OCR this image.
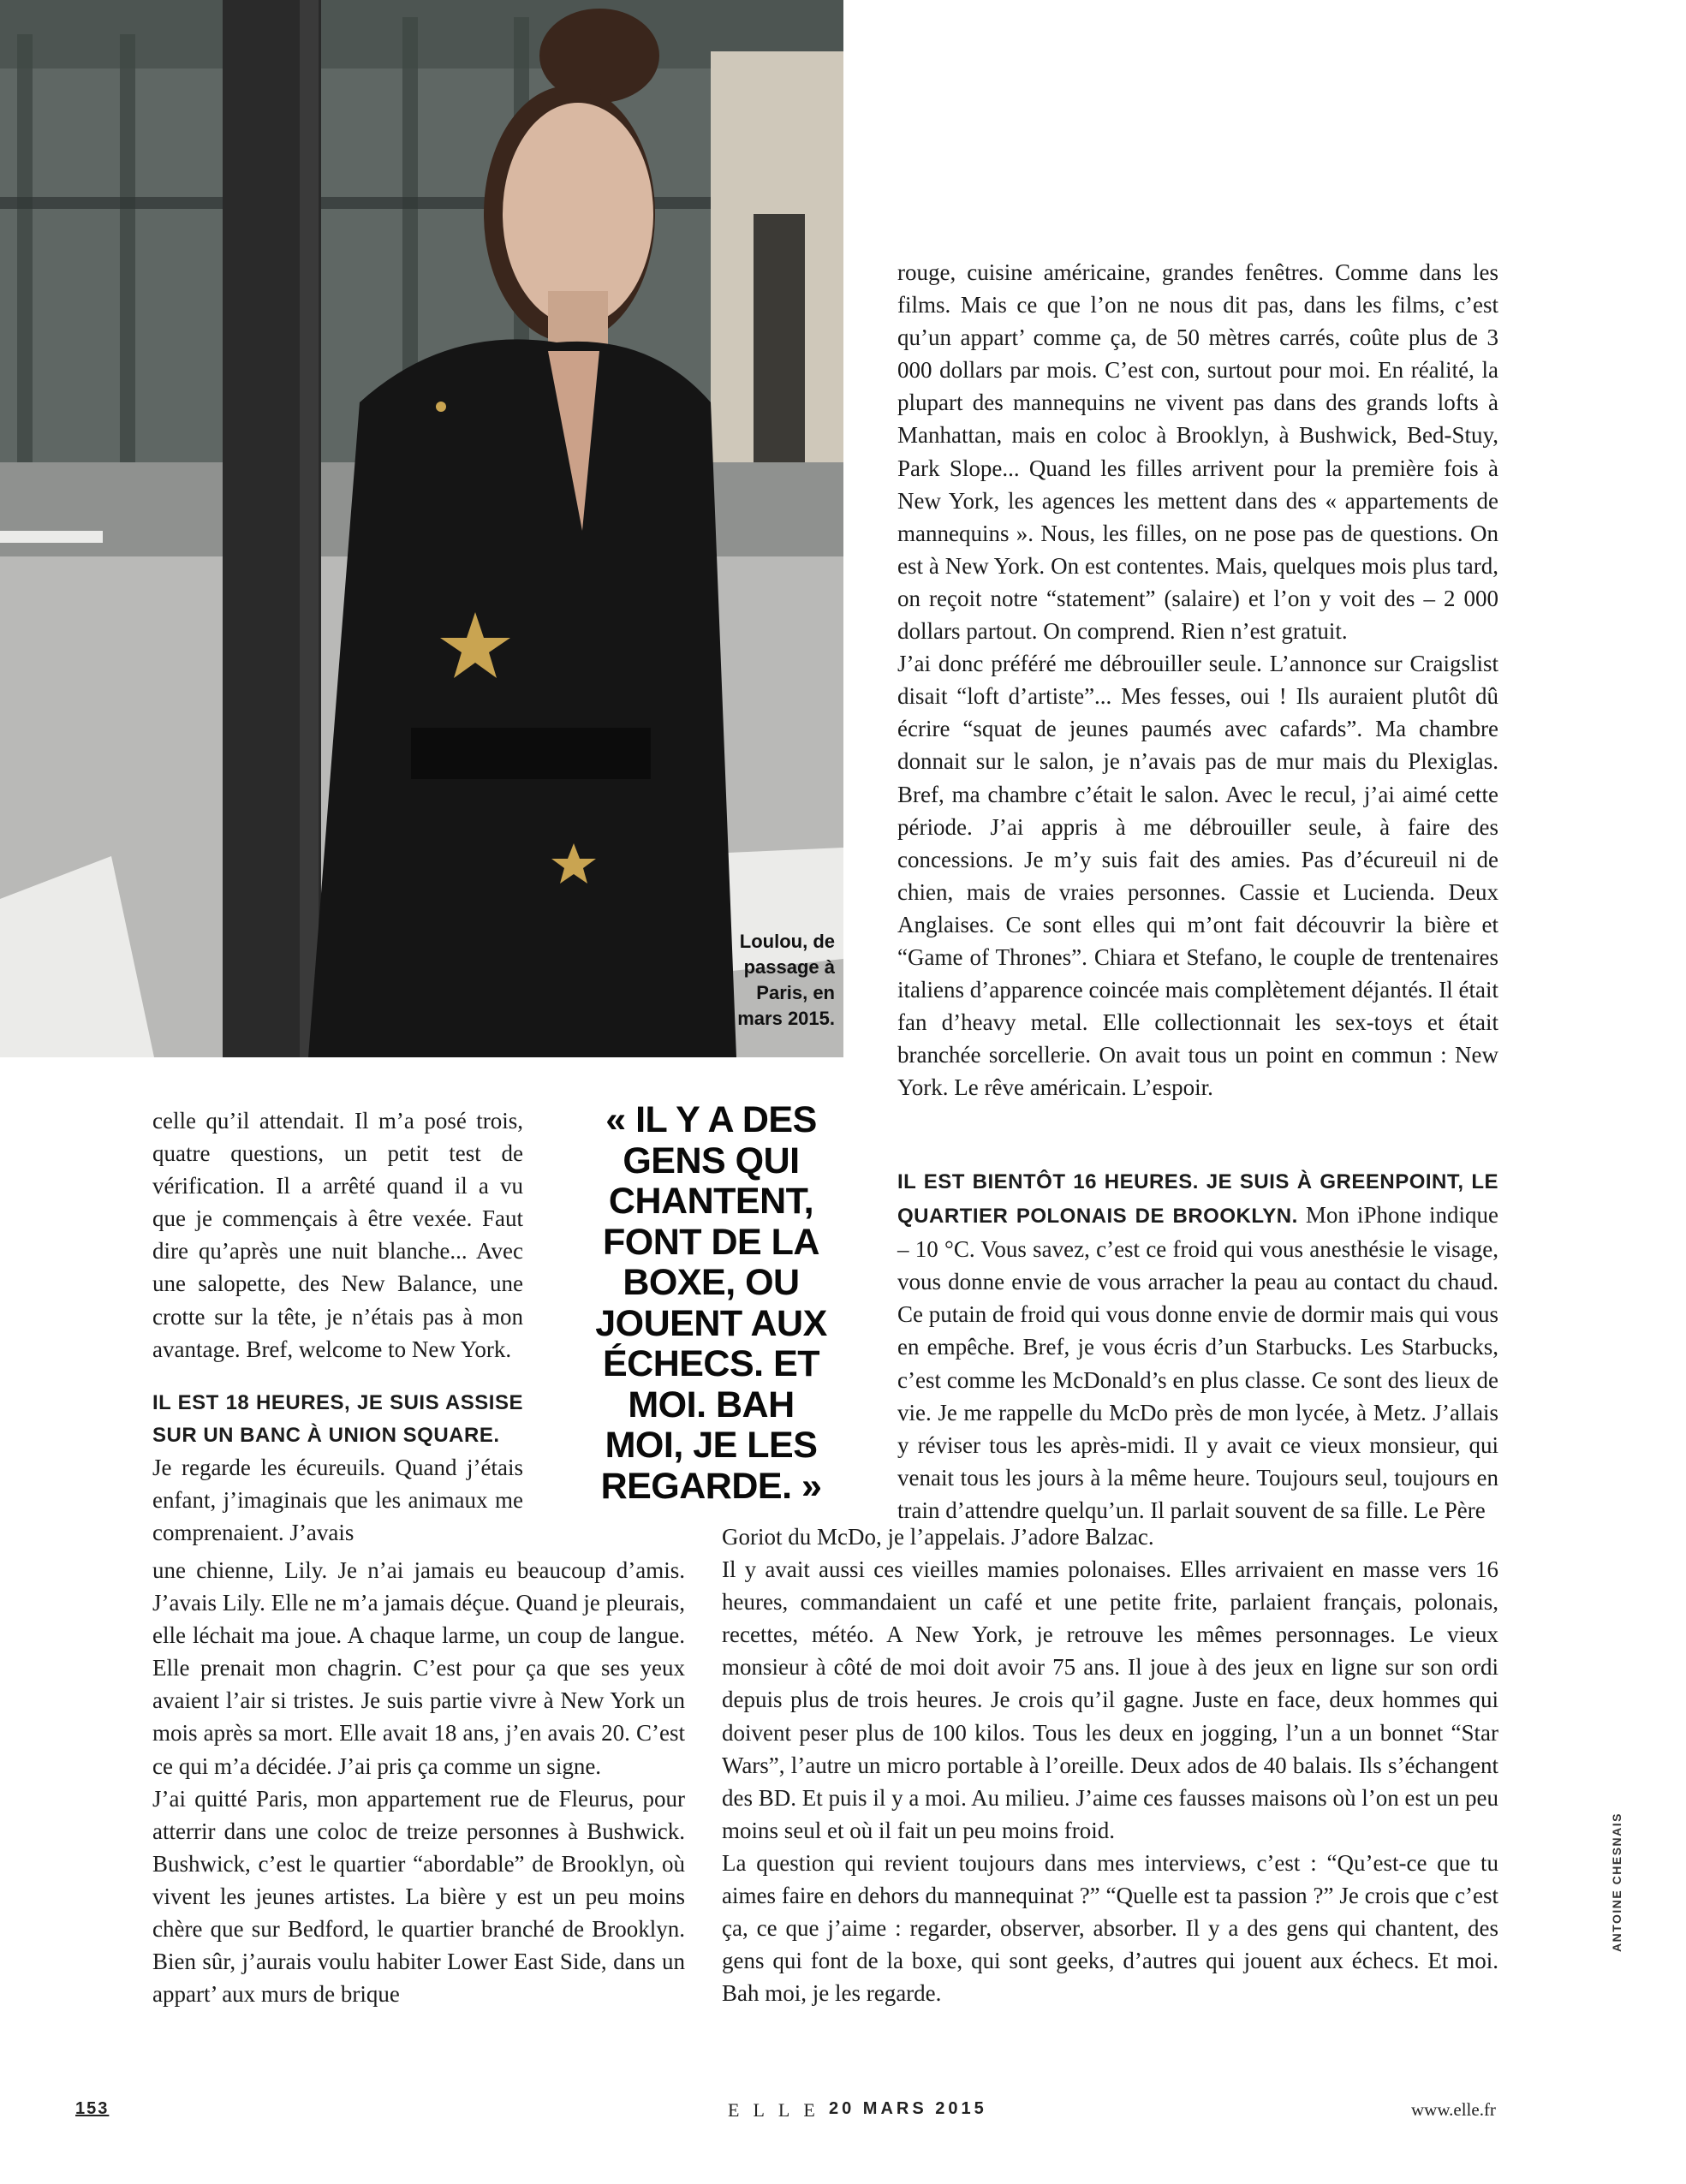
Loulou, de passage à Paris, en mars 2015.

rouge, cuisine américaine, grandes fenêtres. Comme dans les films. Mais ce que l’on ne nous dit pas, dans les films, c’est qu’un appart’ comme ça, de 50 mètres carrés, coûte plus de 3 000 dollars par mois. C’est con, surtout pour moi. En réalité, la plupart des mannequins ne vivent pas dans des grands lofts à Manhattan, mais en coloc à Brooklyn, à Bushwick, Bed-Stuy, Park Slope... Quand les filles arrivent pour la première fois à New York, les agences les mettent dans des « appartements de mannequins ». Nous, les filles, on ne pose pas de questions. On est à New York. On est contentes. Mais, quelques mois plus tard, on reçoit notre “statement” (salaire) et l’on y voit des – 2 000 dollars partout. On comprend. Rien n’est gratuit.

J’ai donc préféré me débrouiller seule. L’annonce sur Craigslist disait “loft d’artiste”... Mes fesses, oui ! Ils auraient plutôt dû écrire “squat de jeunes paumés avec cafards”. Ma chambre donnait sur le salon, je n’avais pas de mur mais du Plexiglas. Bref, ma chambre c’était le salon. Avec le recul, j’ai aimé cette période. J’ai appris à me débrouiller seule, à faire des concessions. Je m’y suis fait des amies. Pas d’écureuil ni de chien, mais de vraies personnes. Cassie et Lucienda. Deux Anglaises. Ce sont elles qui m’ont fait découvrir la bière et “Game of Thrones”. Chiara et Stefano, le couple de trentenaires italiens d’apparence coincée mais complètement déjantés. Il était fan d’heavy metal. Elle collectionnait les sex-toys et était branchée sorcellerie. On avait tous un point en commun : New York. Le rêve américain. L’espoir.

IL EST BIENTÔT 16 HEURES. JE SUIS À GREENPOINT, LE QUARTIER POLONAIS DE BROOKLYN. Mon iPhone indique – 10 °C. Vous savez, c’est ce froid qui vous anesthésie le visage, vous donne envie de vous arracher la peau au contact du chaud. Ce putain de froid qui vous donne envie de dormir mais qui vous en empêche. Bref, je vous écris d’un Starbucks. Les Starbucks, c’est comme les McDonald’s en plus classe. Ce sont des lieux de vie. Je me rappelle du McDo près de mon lycée, à Metz. J’allais y réviser tous les après-midi. Il y avait ce vieux monsieur, qui venait tous les jours à la même heure. Toujours seul, toujours en train d’attendre quelqu’un. Il parlait souvent de sa fille. Le Père

Goriot du McDo, je l’appelais. J’adore Balzac.

Il y avait aussi ces vieilles mamies polonaises. Elles arrivaient en masse vers 16 heures, commandaient un café et une petite frite, parlaient français, polonais, recettes, météo. A New York, je retrouve les mêmes personnages. Le vieux monsieur à côté de moi doit avoir 75 ans. Il joue à des jeux en ligne sur son ordi depuis plus de trois heures. Je crois qu’il gagne. Juste en face, deux hommes qui doivent peser plus de 100 kilos. Tous les deux en jogging, l’un a un bonnet “Star Wars”, l’autre un micro portable à l’oreille. Deux ados de 40 balais. Ils s’échangent des BD. Et puis il y a moi. Au milieu. J’aime ces fausses maisons où l’on est un peu moins seul et où il fait un peu moins froid.

La question qui revient toujours dans mes interviews, c’est : “Qu’est-ce que tu aimes faire en dehors du mannequinat ?” “Quelle est ta passion ?” Je crois que c’est ça, ce que j’aime : regarder, observer, absorber. Il y a des gens qui chantent, des gens qui font de la boxe, qui sont geeks, d’autres qui jouent aux échecs. Et moi. Bah moi, je les regarde.

celle qu’il attendait. Il m’a posé trois, quatre questions, un petit test de vérification. Il a arrêté quand il a vu que je commençais à être vexée. Faut dire qu’après une nuit blanche... Avec une salopette, des New Balance, une crotte sur la tête, je n’étais pas à mon avantage. Bref, welcome to New York.

IL EST 18 HEURES, JE SUIS ASSISE SUR UN BANC À UNION SQUARE.

Je regarde les écureuils. Quand j’étais enfant, j’imaginais que les animaux me comprenaient. J’avais

une chienne, Lily. Je n’ai jamais eu beaucoup d’amis. J’avais Lily. Elle ne m’a jamais déçue. Quand je pleurais, elle léchait ma joue. A chaque larme, un coup de langue. Elle prenait mon chagrin. C’est pour ça que ses yeux avaient l’air si tristes. Je suis partie vivre à New York un mois après sa mort. Elle avait 18 ans, j’en avais 20. C’est ce qui m’a décidée. J’ai pris ça comme un signe.

J’ai quitté Paris, mon appartement rue de Fleurus, pour atterrir dans une coloc de treize personnes à Bushwick. Bushwick, c’est le quartier “abordable” de Brooklyn, où vivent les jeunes artistes. La bière y est un peu moins chère que sur Bedford, le quartier branché de Brooklyn. Bien sûr, j’aurais voulu habiter Lower East Side, dans un appart’ aux murs de brique

« IL Y A DES GENS QUI CHANTENT, FONT DE LA BOXE, OU JOUENT AUX ÉCHECS. ET MOI. BAH MOI, JE LES REGARDE. »
153	ELLE 20 MARS 2015	www.elle.fr
ANTOINE CHESNAIS
